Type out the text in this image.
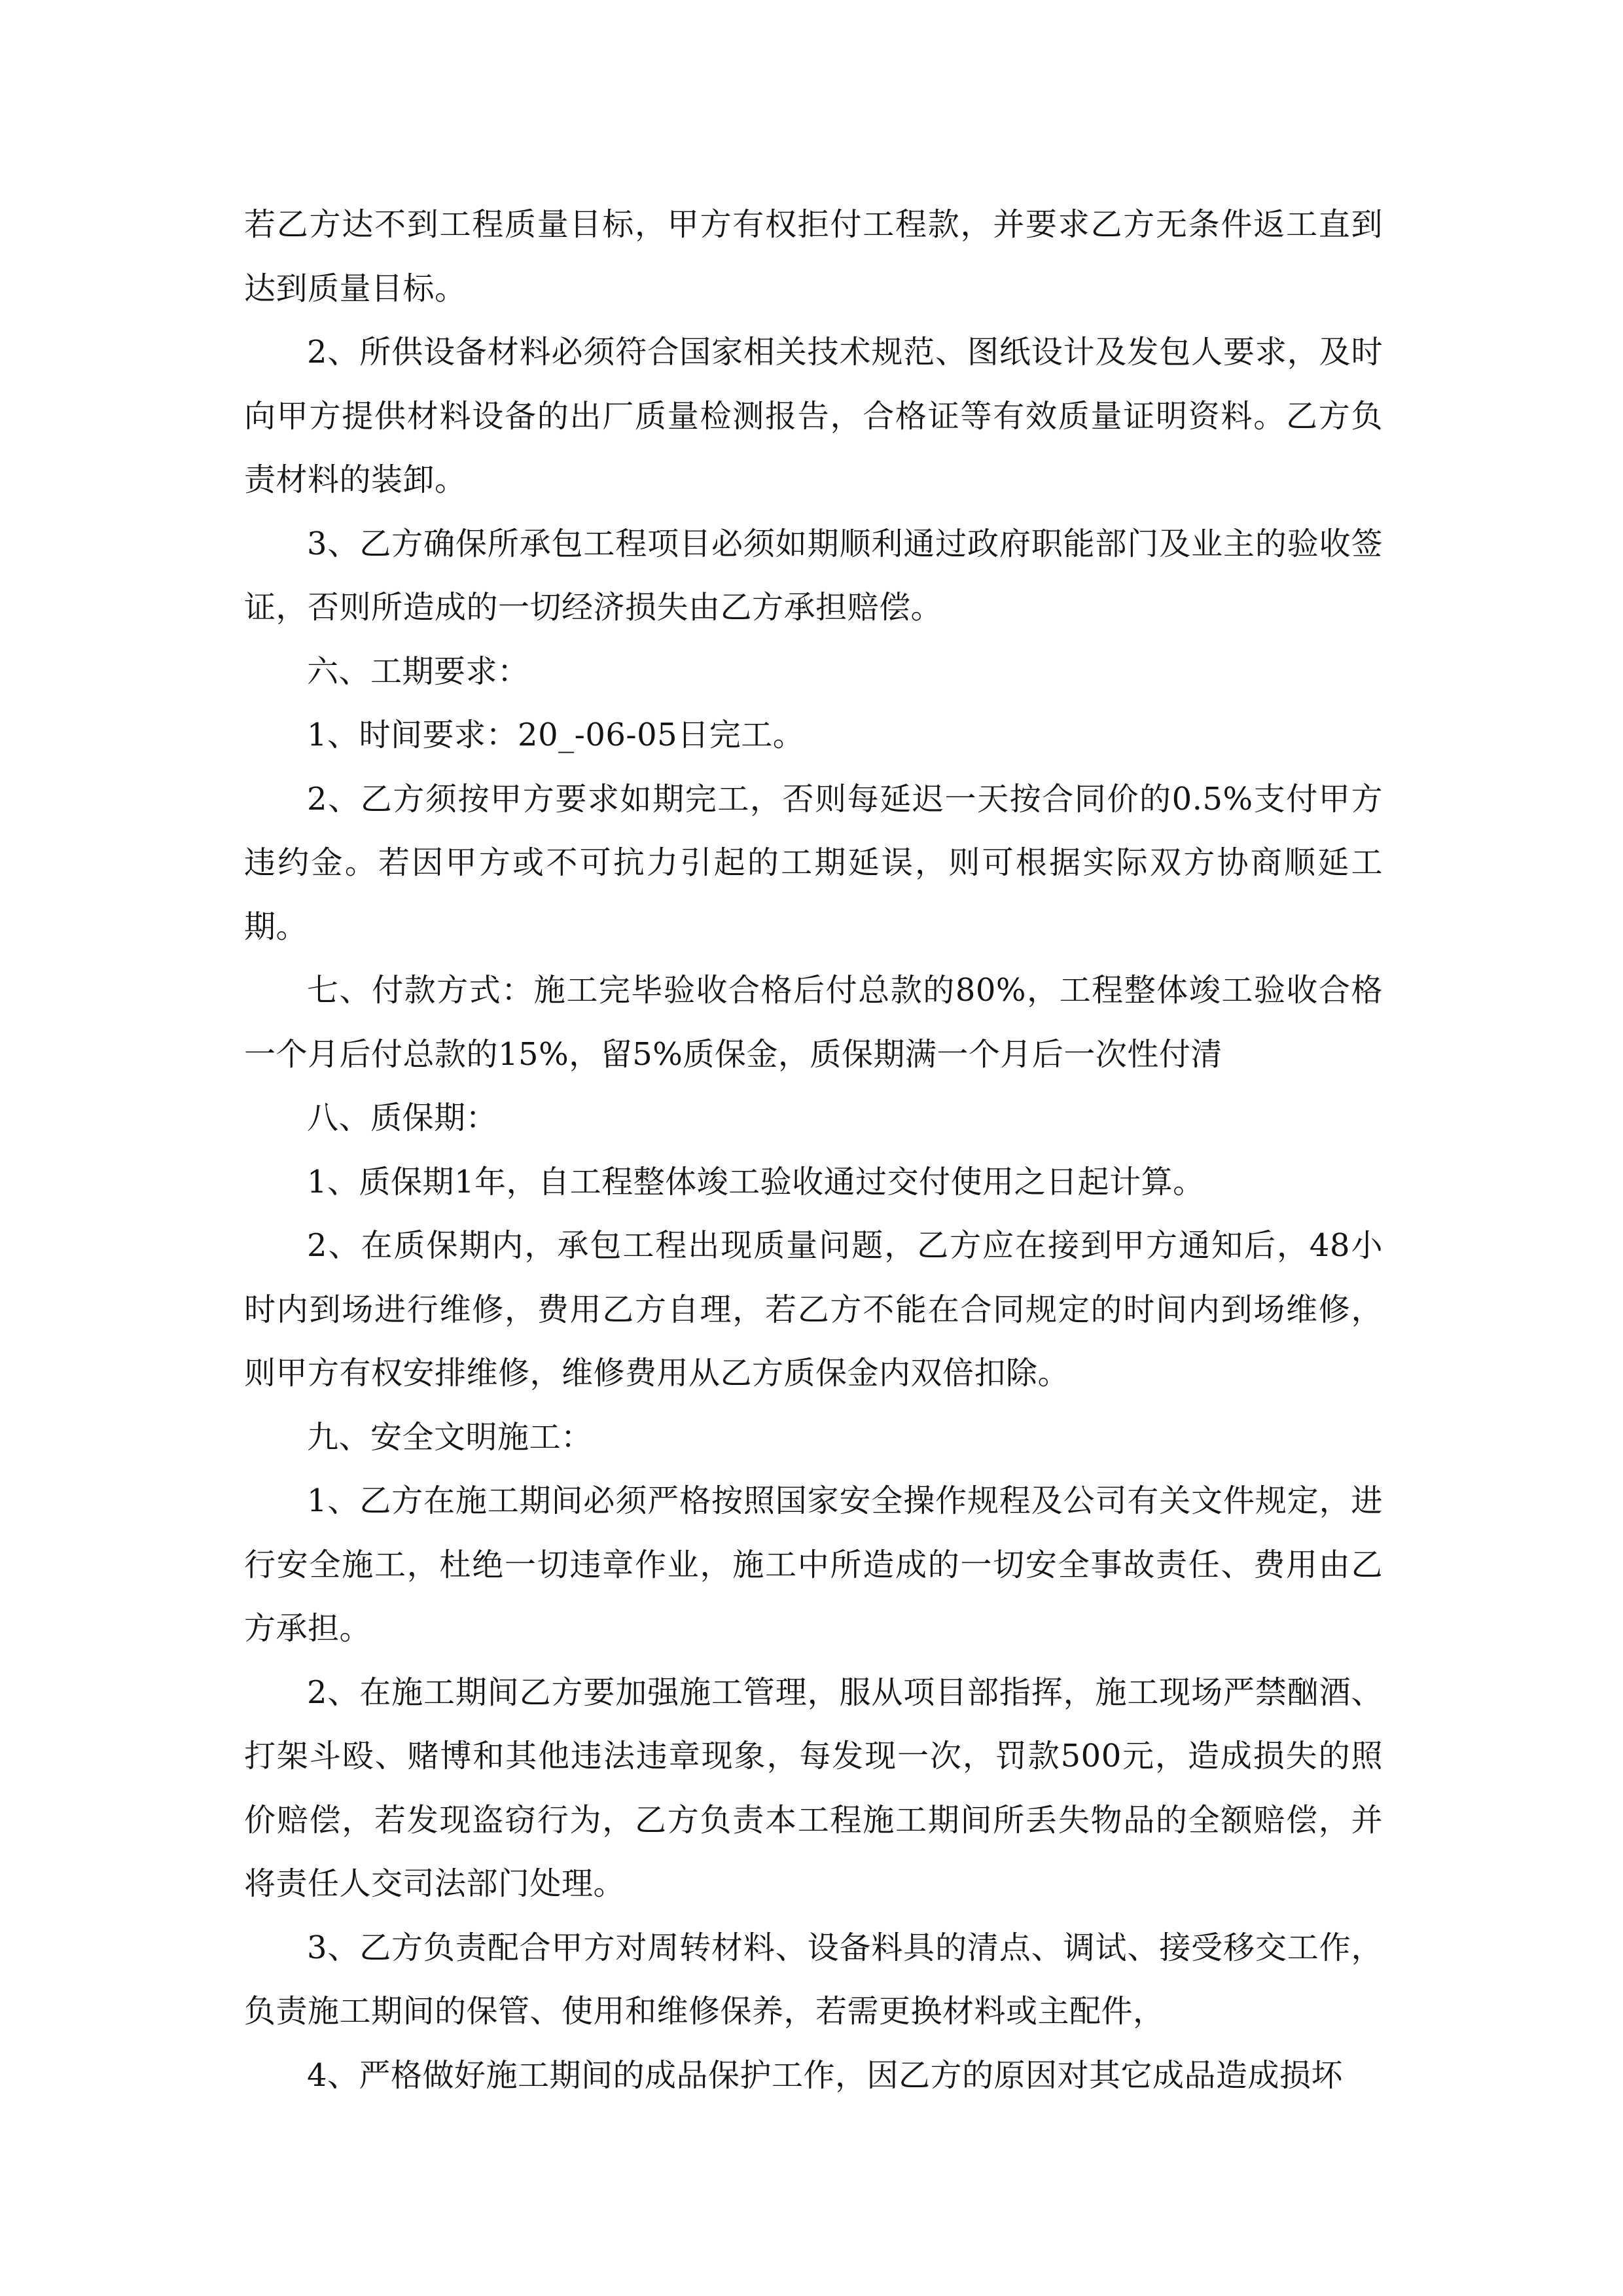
若乙方达不到工程质量目标，甲方有权拒付工程款，并要求乙方无条件返工直到达到质量目标。

2、所供设备材料必须符合国家相关技术规范、图纸设计及发包人要求，及时向甲方提供材料设备的出厂质量检测报告，合格证等有效质量证明资料。乙方负责材料的装卸。

3、乙方确保所承包工程项目必须如期顺利通过政府职能部门及业主的验收签证，否则所造成的一切经济损失由乙方承担赔偿。

六、工期要求：

1、时间要求：20_-06-05日完工。

2、乙方须按甲方要求如期完工，否则每延迟一天按合同价的0.5%支付甲方违约金。若因甲方或不可抗力引起的工期延误，则可根据实际双方协商顺延工期。

七、付款方式：施工完毕验收合格后付总款的80%，工程整体竣工验收合格一个月后付总款的15%，留5%质保金，质保期满一个月后一次性付清

八、质保期：

1、质保期1年，自工程整体竣工验收通过交付使用之日起计算。

2、在质保期内，承包工程出现质量问题，乙方应在接到甲方通知后，48小时内到场进行维修，费用乙方自理，若乙方不能在合同规定的时间内到场维修，则甲方有权安排维修，维修费用从乙方质保金内双倍扣除。

九、安全文明施工：

1、乙方在施工期间必须严格按照国家安全操作规程及公司有关文件规定，进行安全施工，杜绝一切违章作业，施工中所造成的一切安全事故责任、费用由乙方承担。

2、在施工期间乙方要加强施工管理，服从项目部指挥，施工现场严禁酗酒、打架斗殴、赌博和其他违法违章现象，每发现一次，罚款500元，造成损失的照价赔偿，若发现盗窃行为，乙方负责本工程施工期间所丢失物品的全额赔偿，并将责任人交司法部门处理。

3、乙方负责配合甲方对周转材料、设备料具的清点、调试、接受移交工作，负责施工期间的保管、使用和维修保养，若需更换材料或主配件，

4、严格做好施工期间的成品保护工作，因乙方的原因对其它成品造成损坏
